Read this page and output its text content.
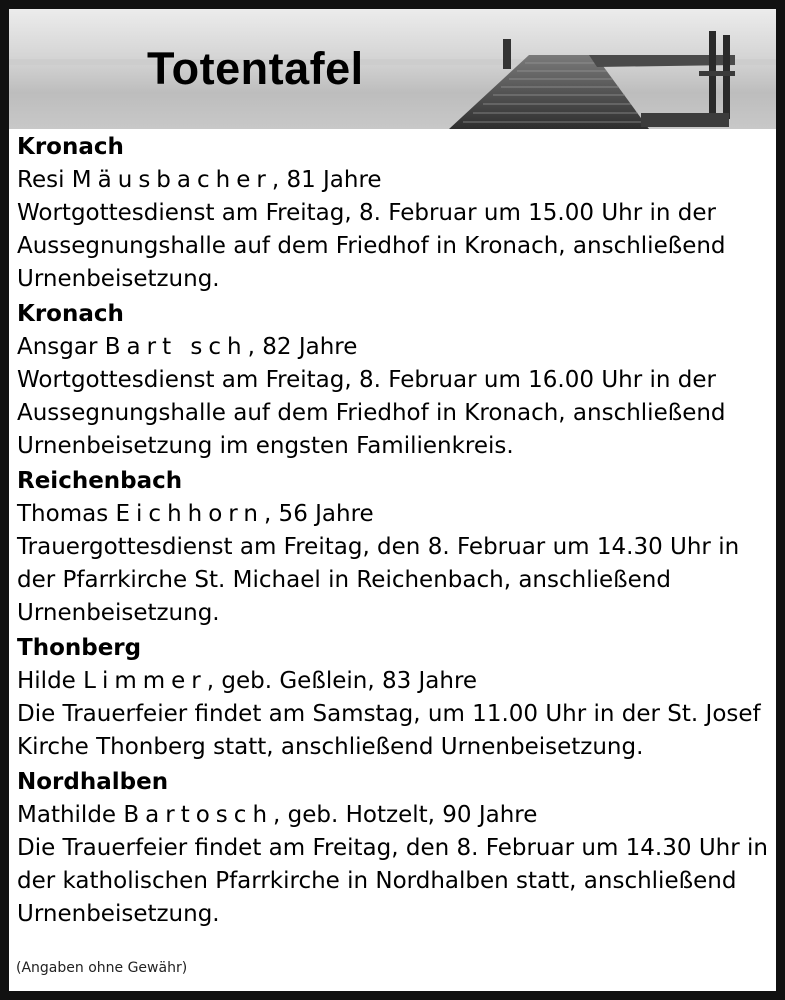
Totentafel
Kronach
Resi Mäusbacher, 81 Jahre
Wortgottesdienst am Freitag, 8. Februar um 15.00 Uhr in der
Aussegnungshalle auf dem Friedhof in Kronach, anschließend
Urnenbeisetzung.
Kronach
Ansgar Bart sch, 82 Jahre
Wortgottesdienst am Freitag, 8. Februar um 16.00 Uhr in der
Aussegnungshalle auf dem Friedhof in Kronach, anschließend
Urnenbeisetzung im engsten Familienkreis.
Reichenbach
Thomas Eichhorn, 56 Jahre
Trauergottesdienst am Freitag, den 8. Februar um 14.30 Uhr in
der Pfarrkirche St. Michael in Reichenbach, anschließend
Urnenbeisetzung.
Thonberg
Hilde Limmer, geb. Geßlein, 83 Jahre
Die Trauerfeier findet am Samstag, um 11.00 Uhr in der St. Josef
Kirche Thonberg statt, anschließend Urnenbeisetzung.
Nordhalben
Mathilde Bartosch, geb. Hotzelt, 90 Jahre
Die Trauerfeier findet am Freitag, den 8. Februar um 14.30 Uhr in
der katholischen Pfarrkirche in Nordhalben statt, anschließend
Urnenbeisetzung.
(Angaben ohne Gewähr)
